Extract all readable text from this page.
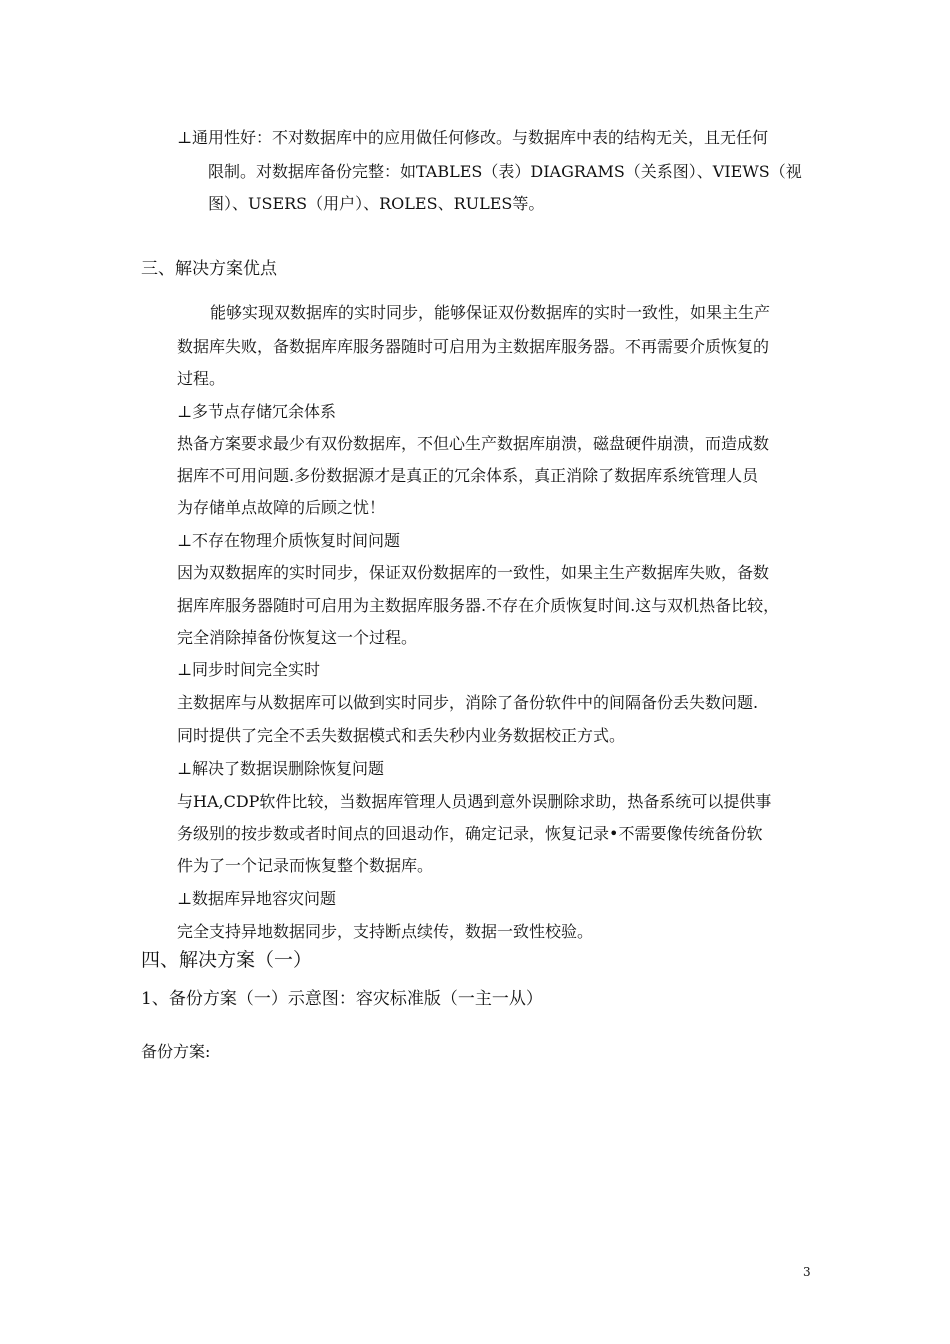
⊥通用性好：不对数据库中的应用做任何修改。与数据库中表的结构无关，且无任何
限制。对数据库备份完整：如TABLES（表）DIAGRAMS（关系图）、VIEWS（视
图）、USERS（用户）、ROLES、RULES等。
三、解决方案优点
能够实现双数据库的实时同步，能够保证双份数据库的实时一致性，如果主生产
数据库失败，备数据库库服务器随时可启用为主数据库服务器。不再需要介质恢复的
过程。
⊥多节点存储冗余体系
热备方案要求最少有双份数据库，不但心生产数据库崩溃，磁盘硬件崩溃，而造成数
据库不可用问题.多份数据源才是真正的冗余体系，真正消除了数据库系统管理人员
为存储单点故障的后顾之忧！
⊥不存在物理介质恢复时间问题
因为双数据库的实时同步，保证双份数据库的一致性，如果主生产数据库失败，备数
据库库服务器随时可启用为主数据库服务器.不存在介质恢复时间.这与双机热备比较，
完全消除掉备份恢复这一个过程。
⊥同步时间完全实时
主数据库与从数据库可以做到实时同步，消除了备份软件中的间隔备份丢失数问题.
同时提供了完全不丢失数据模式和丢失秒内业务数据校正方式。
⊥解决了数据误删除恢复问题
与HA,CDP软件比较，当数据库管理人员遇到意外误删除求助，热备系统可以提供事
务级别的按步数或者时间点的回退动作，确定记录，恢复记录•不需要像传统备份软
件为了一个记录而恢复整个数据库。
⊥数据库异地容灾问题
完全支持异地数据同步，支持断点续传，数据一致性校验。
四、解决方案（一）
1、备份方案（一）示意图：容灾标准版（一主一从）
备份方案:
3
